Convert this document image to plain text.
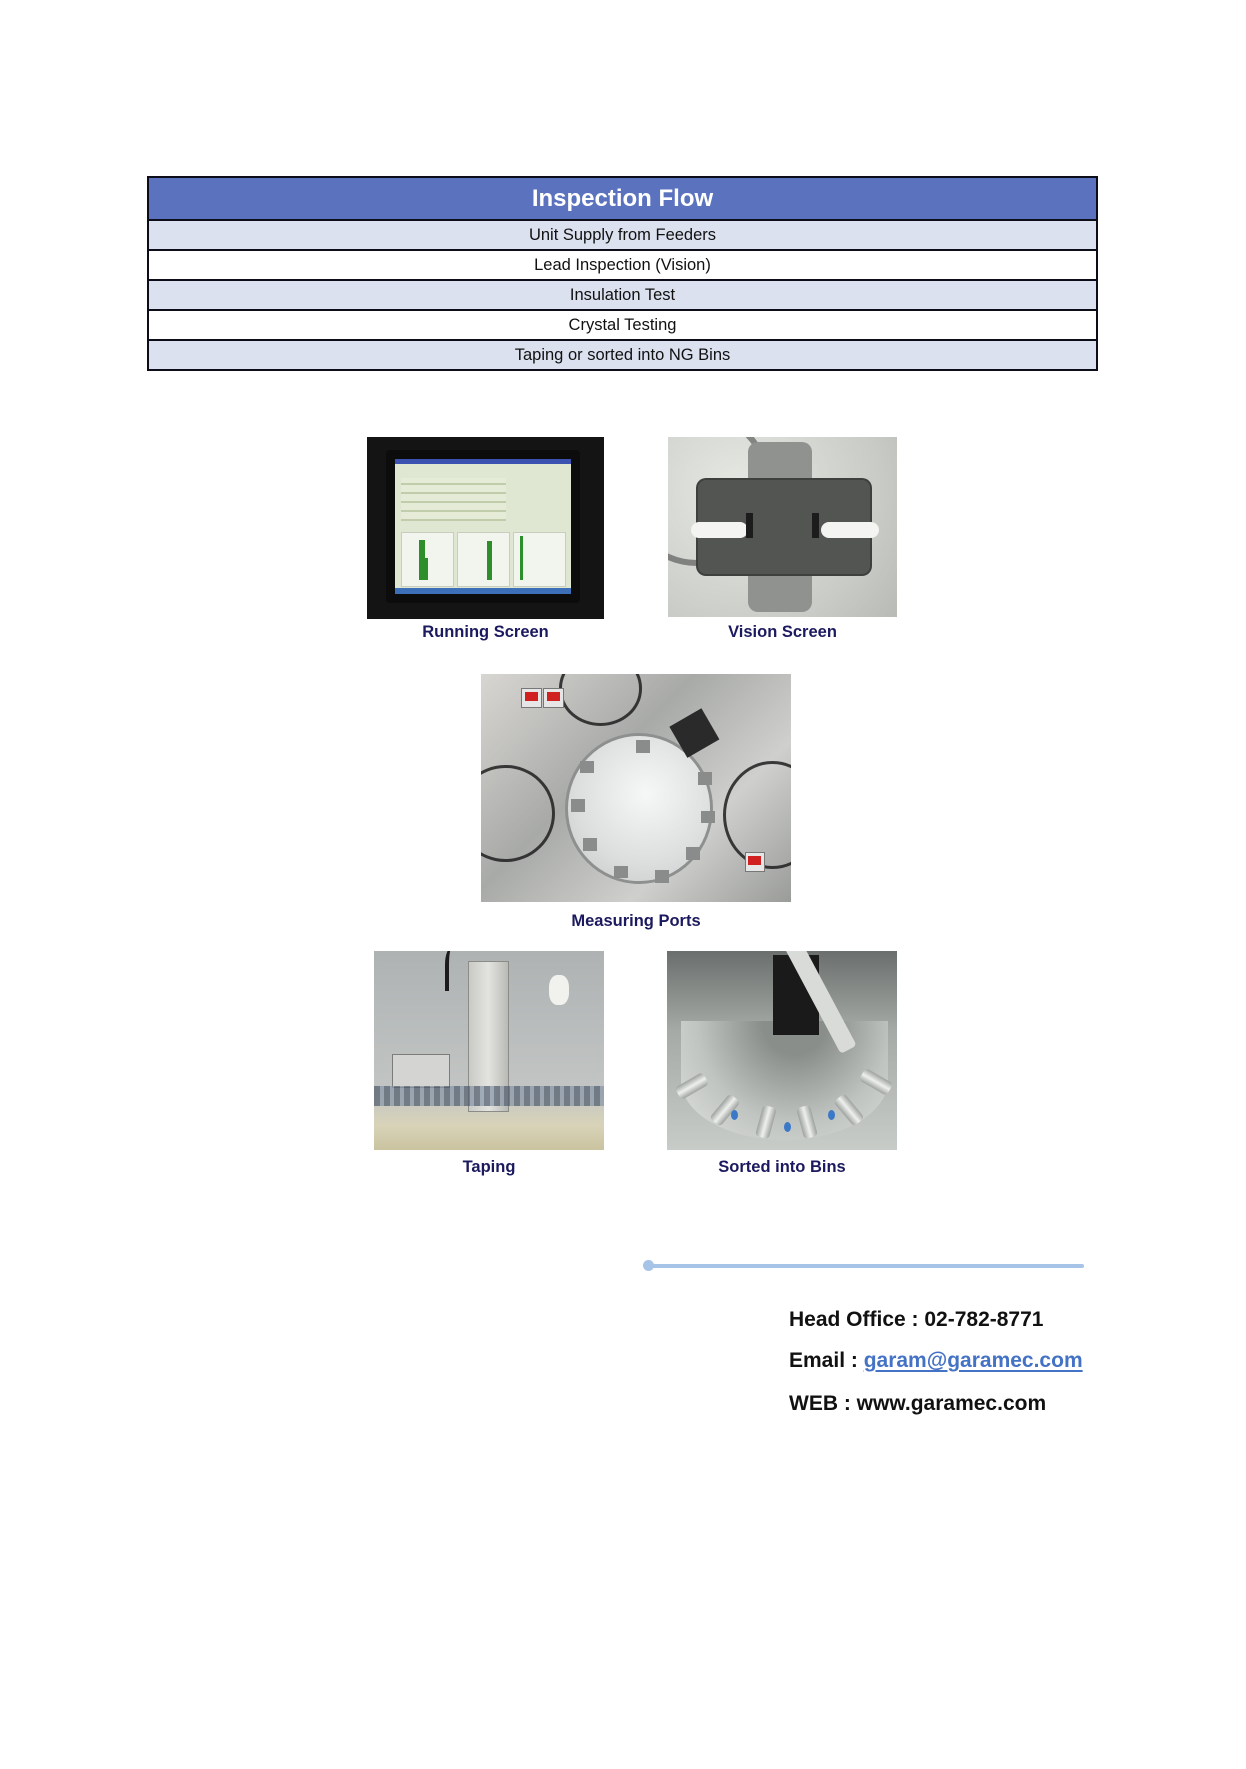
Inspection Flow
Unit Supply from Feeders
Lead Inspection (Vision)
Insulation Test
Crystal Testing
Taping or sorted into NG Bins
Running Screen	Vision Screen
Measuring Ports
Taping	Sorted into Bins
Head Office : 02-782-8771
Email : garam@garamec.com
WEB : www.garamec.com
